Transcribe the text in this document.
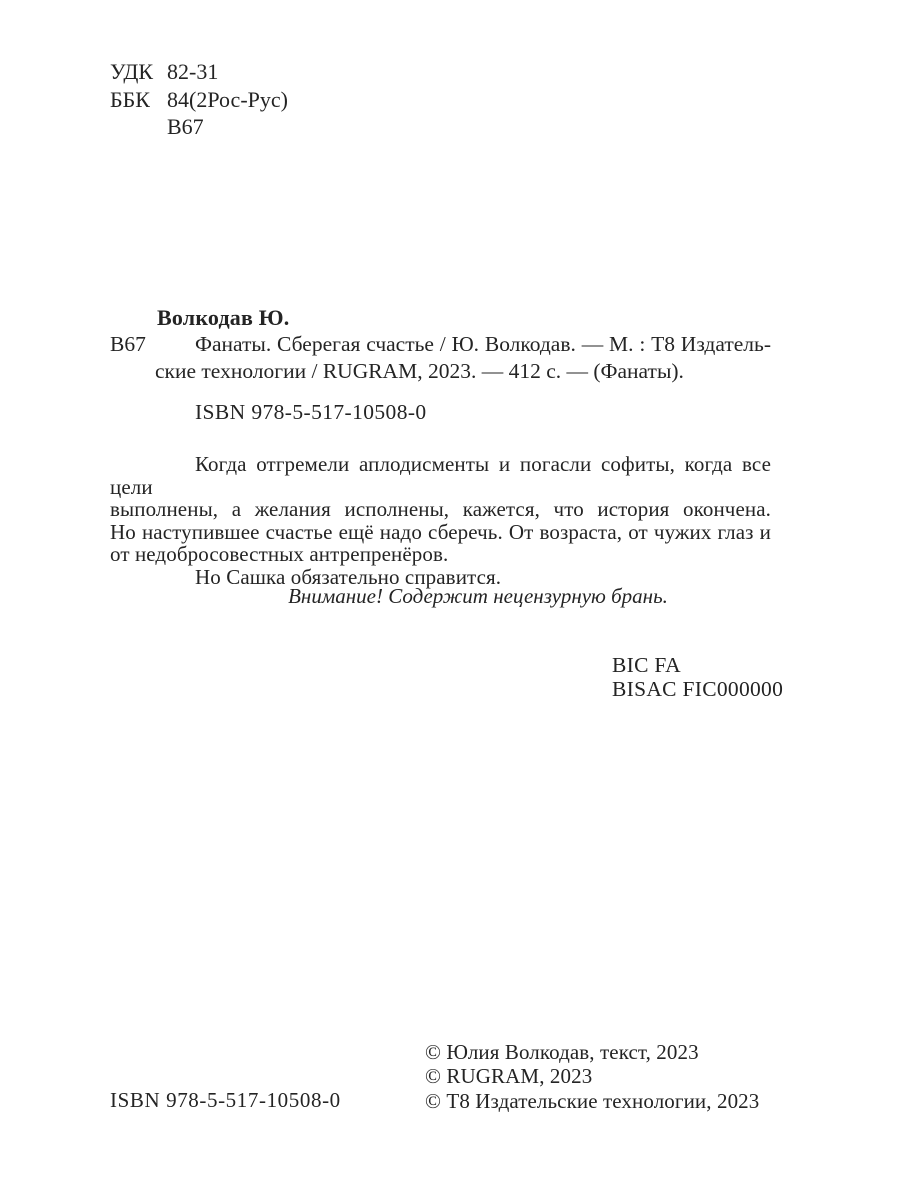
УДК 82-31
ББК 84(2Рос-Рус)
В67
Волкодав Ю.
В67	Фанаты. Сберегая счастье / Ю. Волкодав. — М. : Т8 Издатель-
ские технологии / RUGRAM, 2023. — 412 с. — (Фанаты).
ISBN 978-5-517-10508-0
Когда отгремели аплодисменты и погасли софиты, когда все цели
выполнены, а желания исполнены, кажется, что история окончена.
Но наступившее счастье ещё надо сберечь. От возраста, от чужих глаз и
от недобросовестных антрепренёров.
Но Сашка обязательно справится.
Внимание! Содержит нецензурную брань.
BIC FA
BISAC FIC000000
ISBN 978-5-517-10508-0
© Юлия Волкодав, текст, 2023
© RUGRAM, 2023
© Т8 Издательские технологии, 2023
